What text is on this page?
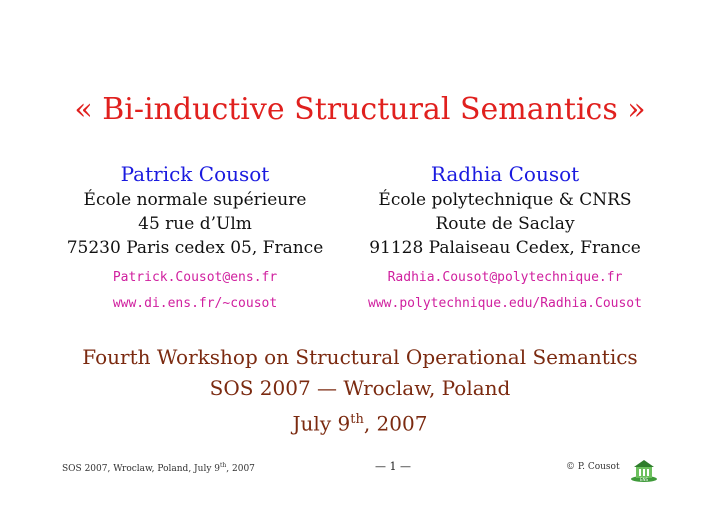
« Bi-inductive Structural Semantics »
Patrick Cousot
École normale supérieure
45 rue d’Ulm
75230 Paris cedex 05, France
Patrick.Cousot@ens.fr
www.di.ens.fr/~cousot
Radhia Cousot
École polytechnique & CNRS
Route de Saclay
91128 Palaiseau Cedex, France
Radhia.Cousot@polytechnique.fr
www.polytechnique.edu/Radhia.Cousot
Fourth Workshop on Structural Operational Semantics
SOS 2007 — Wroclaw, Poland
July 9th, 2007
SOS 2007, Wroclaw, Poland, July 9th, 2007	— 1 —	© P. Cousot
ENS
